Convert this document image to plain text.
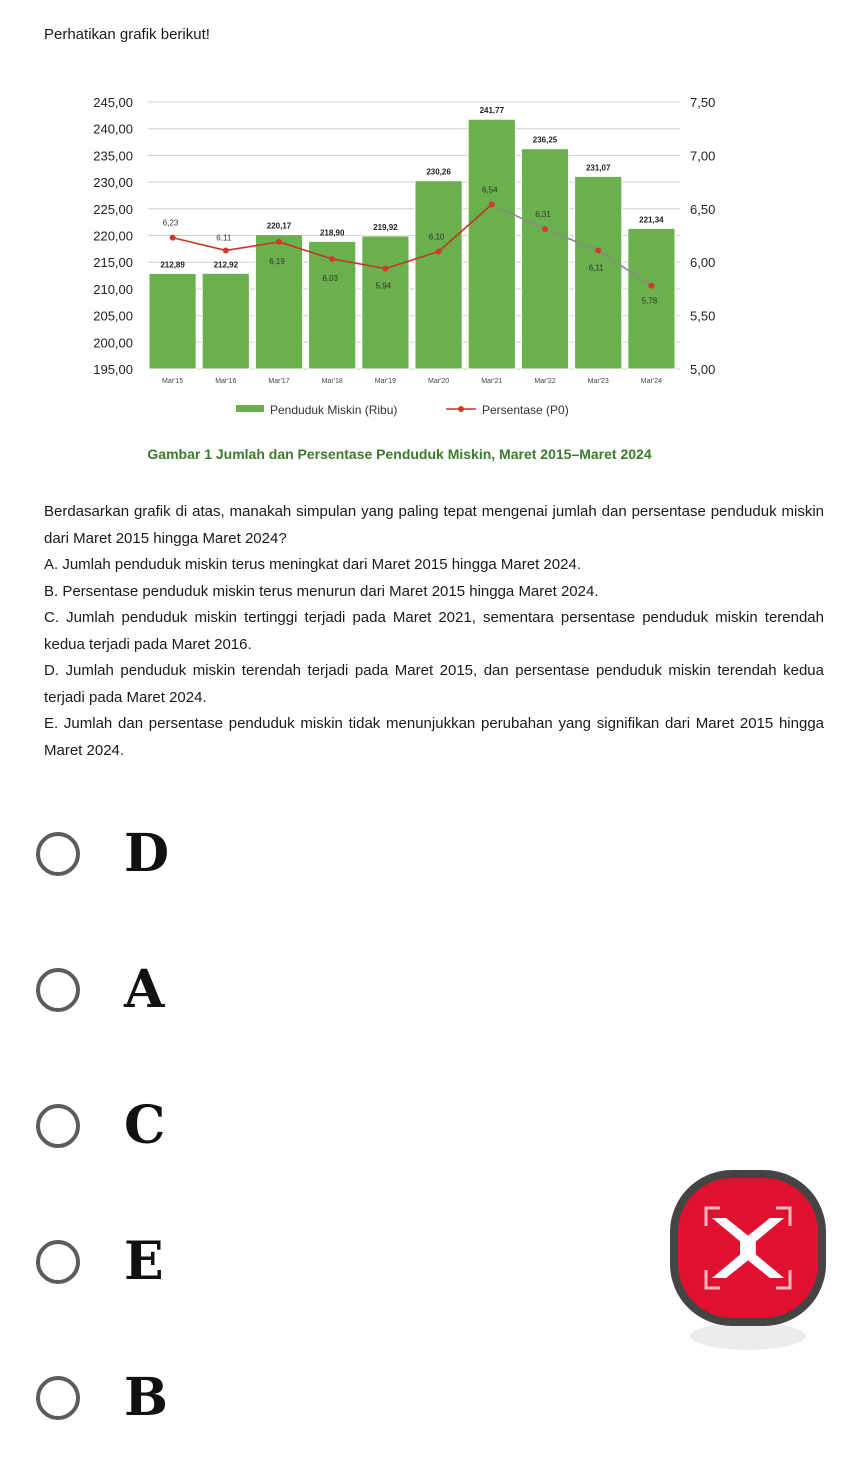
Perhatikan grafik berikut!
245,00
240,00
235,00
230,00
225,00
220,00
215,00
210,00
205,00
200,00
195,00
7,50
7,00
6,50
6,00
5,50
5,00
212,89
Mar'15
212,92
Mar'16
220,17
Mar'17
218,90
Mar'18
219,92
Mar'19
230,26
Mar'20
241,77
Mar'21
236,25
Mar'22
231,07
Mar'23
221,34
Mar'24
6,23
6,11
6,19
6,03
5,94
6,10
6,54
6,31
6,11
5,78
Penduduk Miskin (Ribu)	Persentase (P0)
Gambar 1 Jumlah dan Persentase Penduduk Miskin, Maret 2015–Maret 2024

Berdasarkan grafik di atas, manakah simpulan yang paling tepat mengenai jumlah dan persentase penduduk miskin dari Maret 2015 hingga Maret 2024?

A. Jumlah penduduk miskin terus meningkat dari Maret 2015 hingga Maret 2024.

B. Persentase penduduk miskin terus menurun dari Maret 2015 hingga Maret 2024.

C. Jumlah penduduk miskin tertinggi terjadi pada Maret 2021, sementara persentase penduduk miskin terendah kedua terjadi pada Maret 2016.

D. Jumlah penduduk miskin terendah terjadi pada Maret 2015, dan persentase penduduk miskin terendah kedua terjadi pada Maret 2024.

E. Jumlah dan persentase penduduk miskin tidak menunjukkan perubahan yang signifikan dari Maret 2015 hingga Maret 2024.

D
A
C
E
B
